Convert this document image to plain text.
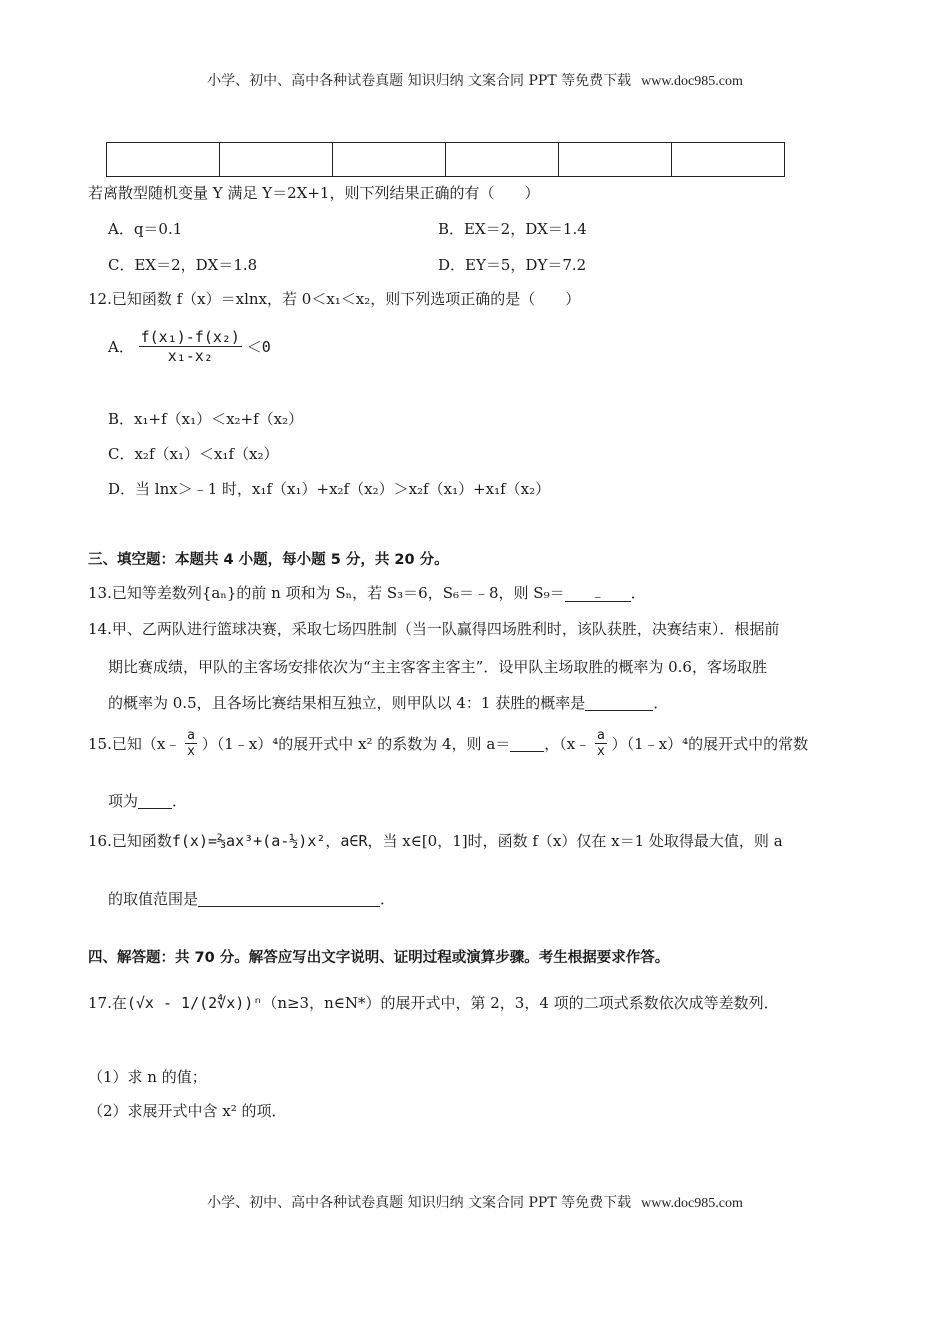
小学、初中、高中各种试卷真题 知识归纳 文案合同 PPT 等免费下载 www.doc985.com

若离散型随机变量 Y 满足 Y＝2X+1，则下列结果正确的有（　　）
A．q＝0.1	B．EX＝2，DX＝1.4
C．EX＝2，DX＝1.8	D．EY＝5，DY＝7.2
12.已知函数 f（x）＝xlnx，若 0＜x₁＜x₂，则下列选项正确的是（　　）
A． $\frac{\text{f(x₁)-f(x₂)}}{\text{x₁-x₂}} <0$
B．x₁+f（x₁）＜x₂+f（x₂）
C．x₂f（x₁）＜x₁f（x₂）
D．当 lnx＞﹣1 时，x₁f（x₁）+x₂f（x₂）＞x₂f（x₁）+x₁f（x₂）
三、填空题：本题共 4 小题，每小题 5 分，共 20 分。
13.已知等差数列{aₙ}的前 n 项和为 Sₙ，若 S₃＝6，S₆＝﹣8，则 S₉＝ ﹣ ．
14.甲、乙两队进行篮球决赛，采取七场四胜制（当一队赢得四场胜利时，该队获胜，决赛结束）．根据前
期比赛成绩，甲队的主客场安排依次为“主主客客主客主”．设甲队主场取胜的概率为 0.6，客场取胜
的概率为 0.5，且各场比赛结果相互独立，则甲队以 4：1 获胜的概率是	．
15.已知（x﹣ $\frac{a}{x}$ ）（1﹣x）⁴的展开式中 x² 的系数为 4，则 a＝ ，（x﹣ $\frac{a}{x}$ ）（1﹣x）⁴的展开式中的常数
项为 ．
16.已知函数f(x)=⅔ax³+(a-½)x²，a∈R，当 x∈[0，1]时，函数 f（x）仅在 x＝1 处取得最大值，则 a
的取值范围是	．
四、解答题：共 70 分。解答应写出文字说明、证明过程或演算步骤。考生根据要求作答。
17.在(√x - 1/(2∜x))ⁿ（n≥3，n∈N*）的展开式中，第 2，3，4 项的二项式系数依次成等差数列．
（1）求 n 的值；
（2）求展开式中含 x² 的项．
小学、初中、高中各种试卷真题 知识归纳 文案合同 PPT 等免费下载 www.doc985.com
